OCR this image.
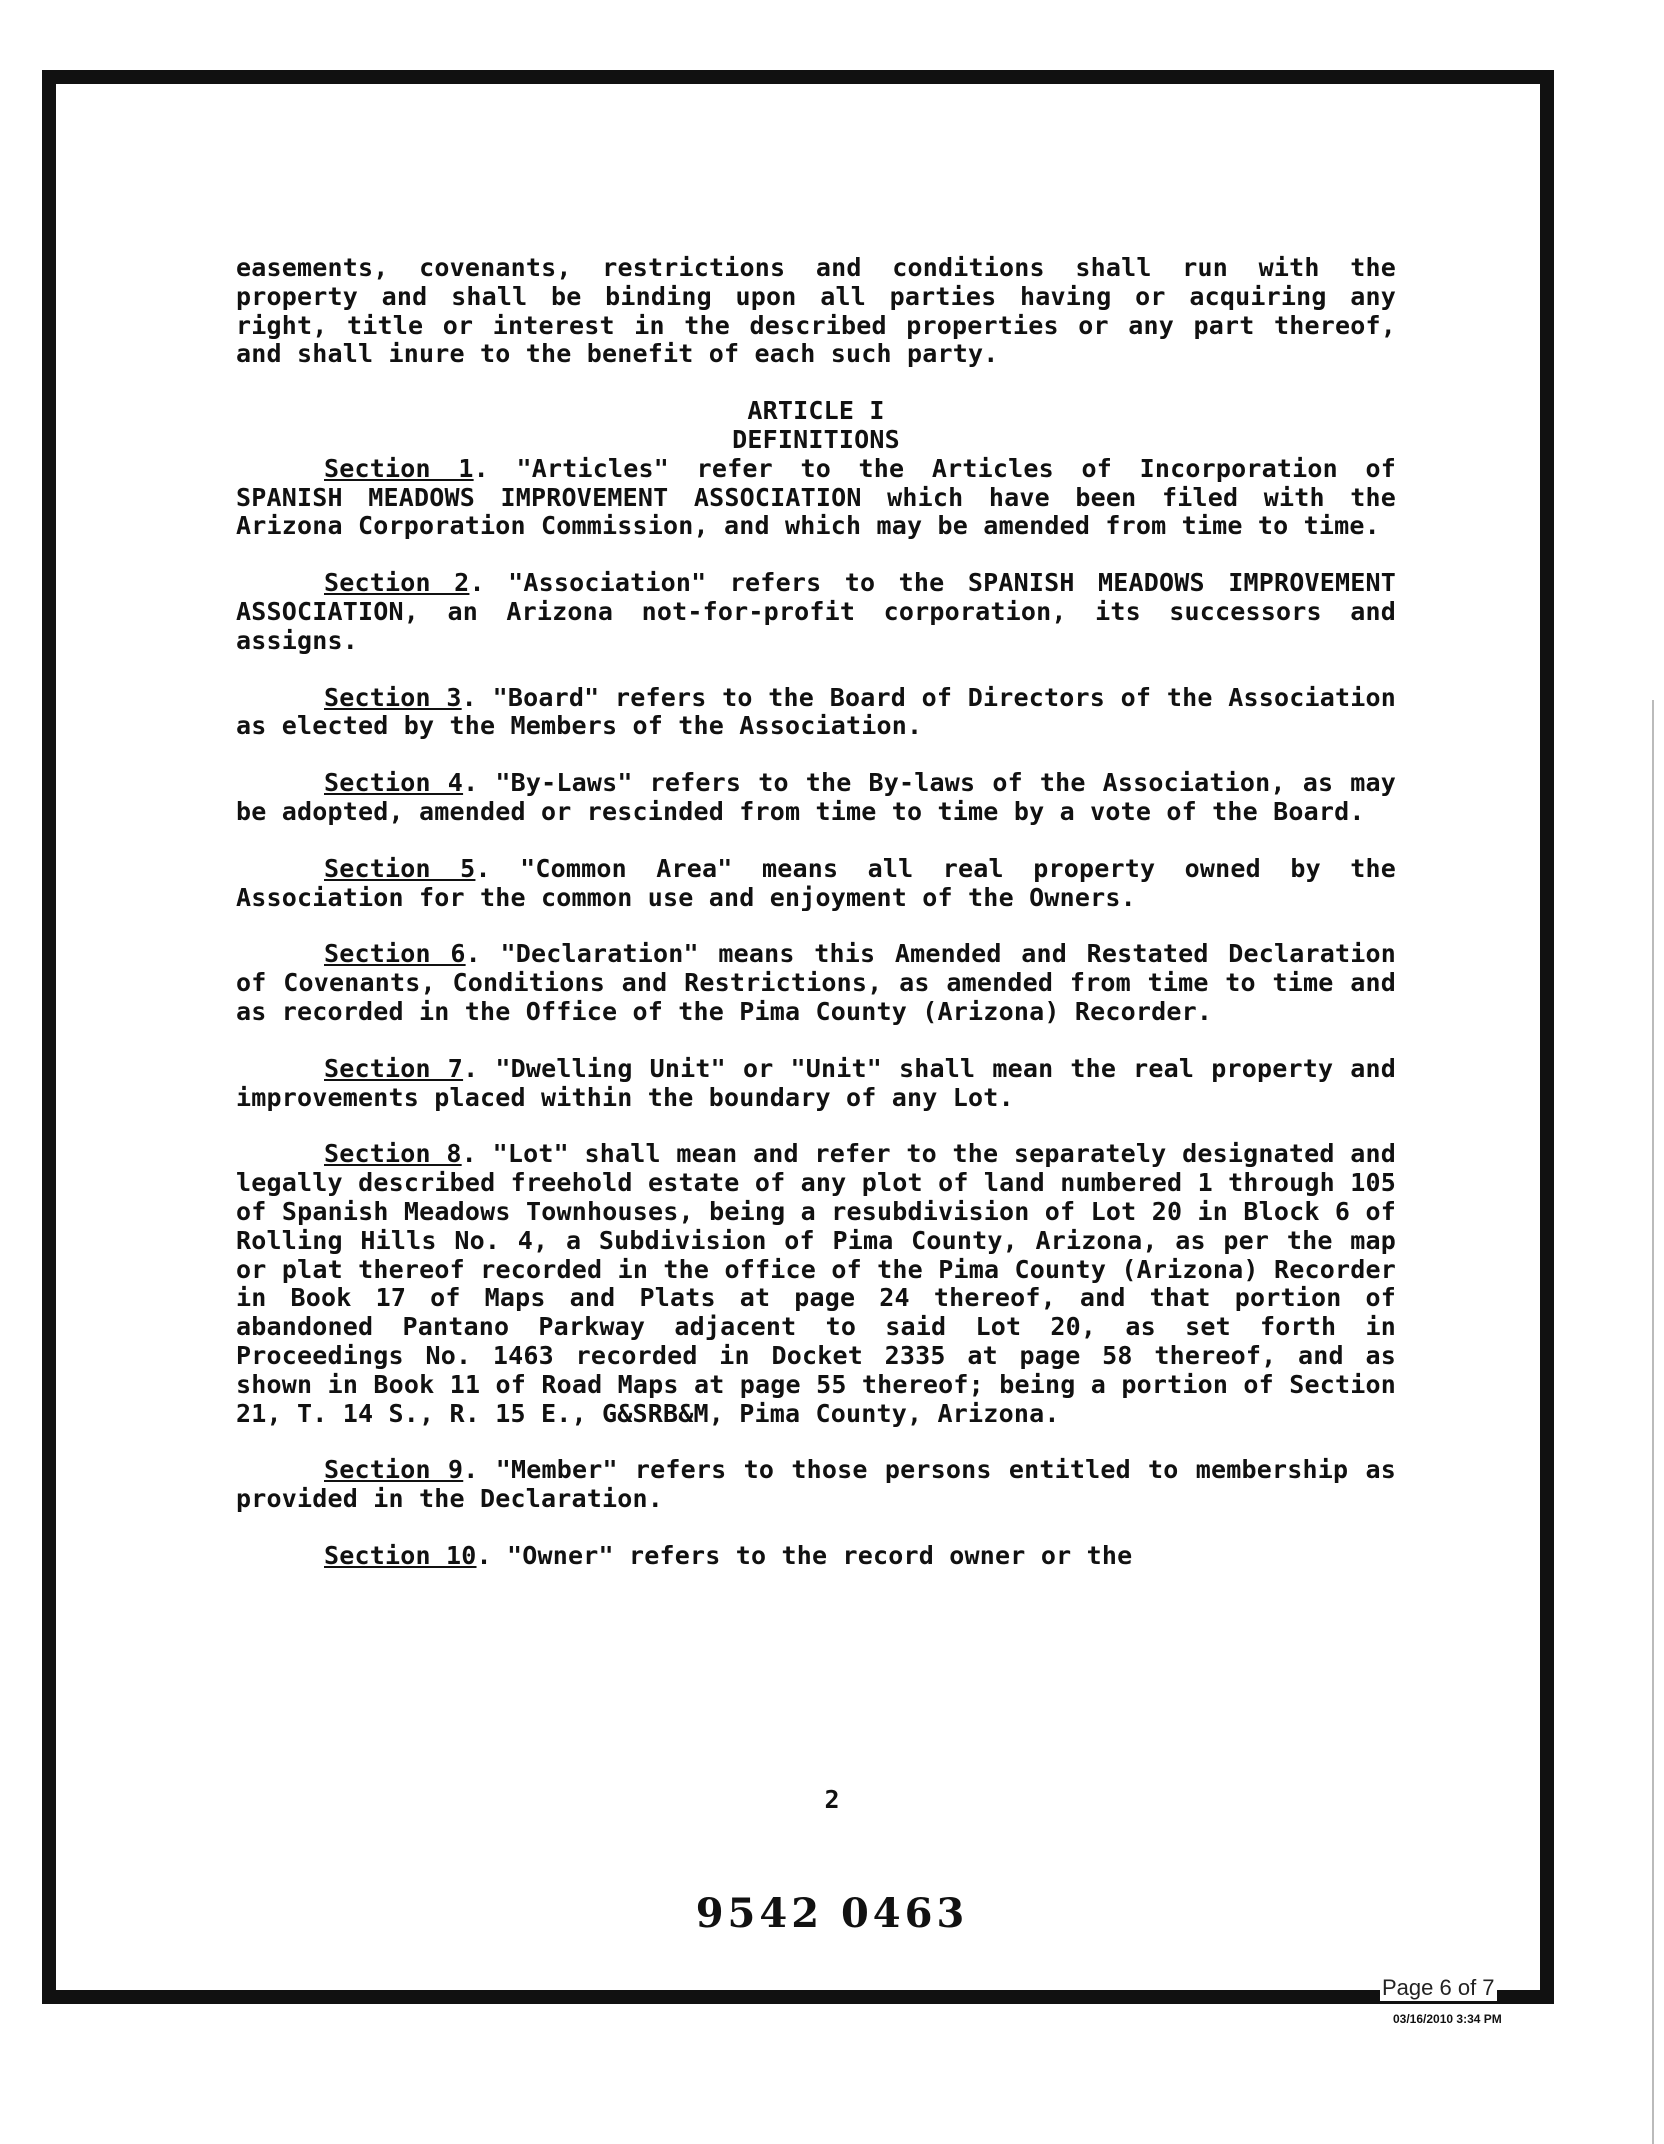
easements, covenants, restrictions and conditions shall run with the property and shall be binding upon all parties having or acquiring any right, title or interest in the described properties or any part thereof, and shall inure to the benefit of each such party.

ARTICLE I

DEFINITIONS

Section 1. "Articles" refer to the Articles of Incorporation of SPANISH MEADOWS IMPROVEMENT ASSOCIATION which have been filed with the Arizona Corporation Commission, and which may be amended from time to time.

Section 2. "Association" refers to the SPANISH MEADOWS IMPROVEMENT ASSOCIATION, an Arizona not-for-profit corporation, its successors and assigns.

Section 3. "Board" refers to the Board of Directors of the Association as elected by the Members of the Association.

Section 4. "By-Laws" refers to the By-laws of the Association, as may be adopted, amended or rescinded from time to time by a vote of the Board.

Section 5. "Common Area" means all real property owned by the Association for the common use and enjoyment of the Owners.

Section 6. "Declaration" means this Amended and Restated Declaration of Covenants, Conditions and Restrictions, as amended from time to time and as recorded in the Office of the Pima County (Arizona) Recorder.

Section 7. "Dwelling Unit" or "Unit" shall mean the real property and improvements placed within the boundary of any Lot.

Section 8. "Lot" shall mean and refer to the separately designated and legally described freehold estate of any plot of land numbered 1 through 105 of Spanish Meadows Townhouses, being a resubdivision of Lot 20 in Block 6 of Rolling Hills No. 4, a Subdivision of Pima County, Arizona, as per the map or plat thereof recorded in the office of the Pima County (Arizona) Recorder in Book 17 of Maps and Plats at page 24 thereof, and that portion of abandoned Pantano Parkway adjacent to said Lot 20, as set forth in Proceedings No. 1463 recorded in Docket 2335 at page 58 thereof, and as shown in Book 11 of Road Maps at page 55 thereof; being a portion of Section 21, T. 14 S., R. 15 E., G&SRB&M, Pima County, Arizona.

Section 9. "Member" refers to those persons entitled to membership as provided in the Declaration.

Section 10. "Owner" refers to the record owner or the

2
9542 0463
Page 6 of 7
03/16/2010 3:34 PM
